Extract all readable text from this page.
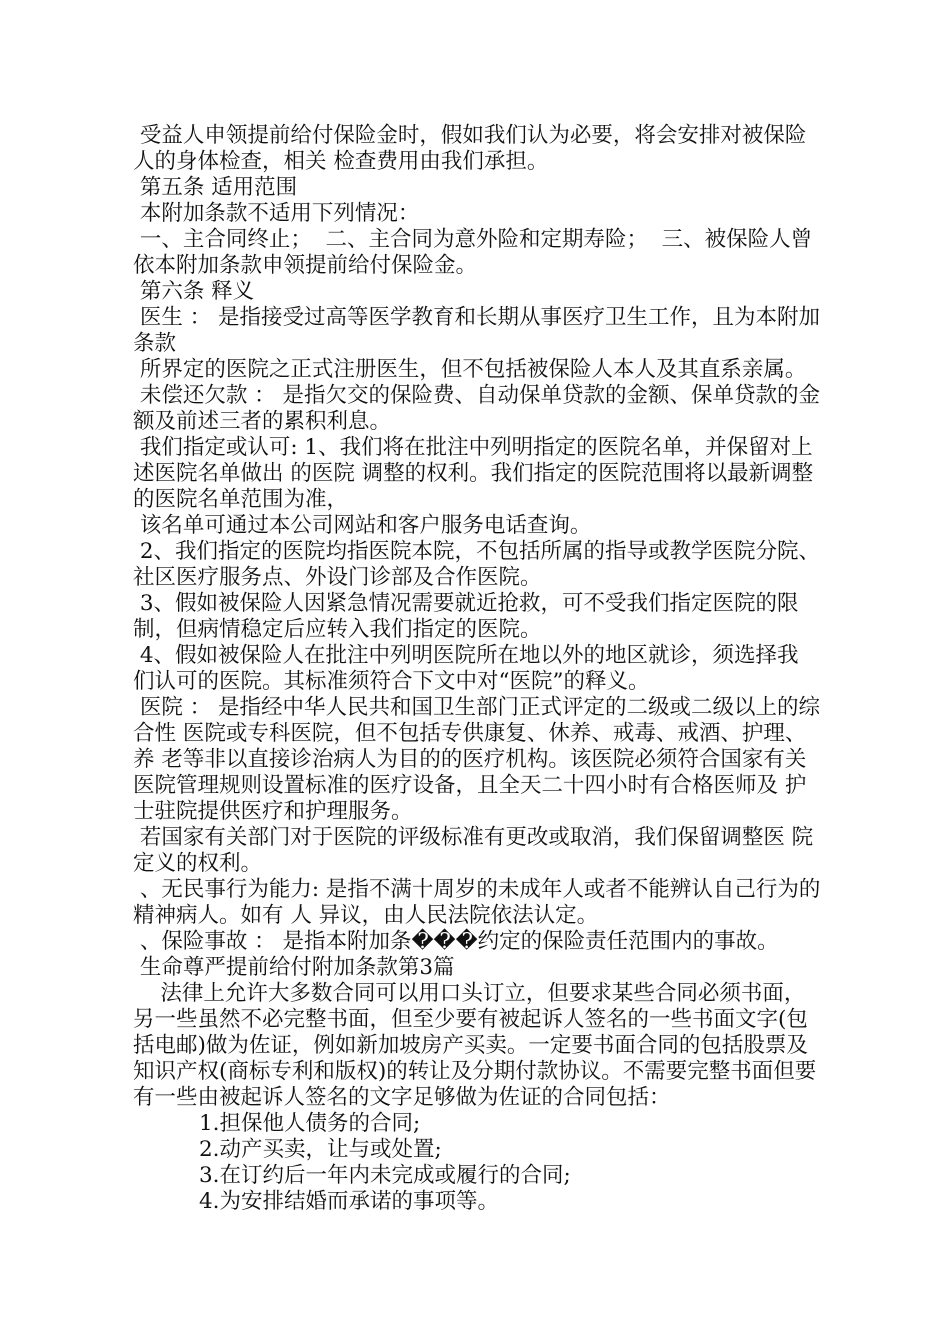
受益人申领提前给付保险金时，假如我们认为必要，将会安排对被保险人的身体检查，相关 检查费用由我们承担。

第五条 适用范围

本附加条款不适用下列情况：

一、主合同终止；  二、主合同为意外险和定期寿险；  三、被保险人曾依本附加条款申领提前给付保险金。

第六条 释义

医生 ： 是指接受过高等医学教育和长期从事医疗卫生工作，且为本附加条款

所界定的医院之正式注册医生，但不包括被保险人本人及其直系亲属。

未偿还欠款 ： 是指欠交的保险费、自动保单贷款的金额、保单贷款的金额及前述三者的累积利息。

我们指定或认可: 1、我们将在批注中列明指定的医院名单，并保留对上述医院名单做出 的医院 调整的权利。我们指定的医院范围将以最新调整的医院名单范围为准，

该名单可通过本公司网站和客户服务电话查询。

2、我们指定的医院均指医院本院，不包括所属的指导或教学医院分院、 社区医疗服务点、外设门诊部及合作医院。

3、假如被保险人因紧急情况需要就近抢救，可不受我们指定医院的限 制，但病情稳定后应转入我们指定的医院。

4、假如被保险人在批注中列明医院所在地以外的地区就诊，须选择我 们认可的医院。其标准须符合下文中对“医院”的释义。

医院 ： 是指经中华人民共和国卫生部门正式评定的二级或二级以上的综合性 医院或专科医院，但不包括专供康复、休养、戒毒、戒酒、护理、养 老等非以直接诊治病人为目的的医疗机构。该医院必须符合国家有关 医院管理规则设置标准的医疗设备，且全天二十四小时有合格医师及 护士驻院提供医疗和护理服务。

若国家有关部门对于医院的评级标准有更改或取消，我们保留调整医 院定义的权利。

、无民事行为能力: 是指不满十周岁的未成年人或者不能辨认自己行为的精神病人。如有 人 异议，由人民法院依法认定。

、保险事故 ： 是指本附加条���约定的保险责任范围内的事故。

生命尊严提前给付附加条款第3篇

法律上允许大多数合同可以用口头订立，但要求某些合同必须书面，另一些虽然不必完整书面，但至少要有被起诉人签名的一些书面文字(包括电邮)做为佐证，例如新加坡房产买卖。一定要书面合同的包括股票及知识产权(商标专利和版权)的转让及分期付款协议。不需要完整书面但要有一些由被起诉人签名的文字足够做为佐证的合同包括：

1.担保他人债务的合同;

2.动产买卖，让与或处置;

3.在订约后一年内未完成或履行的合同;

4.为安排结婚而承诺的事项等。
